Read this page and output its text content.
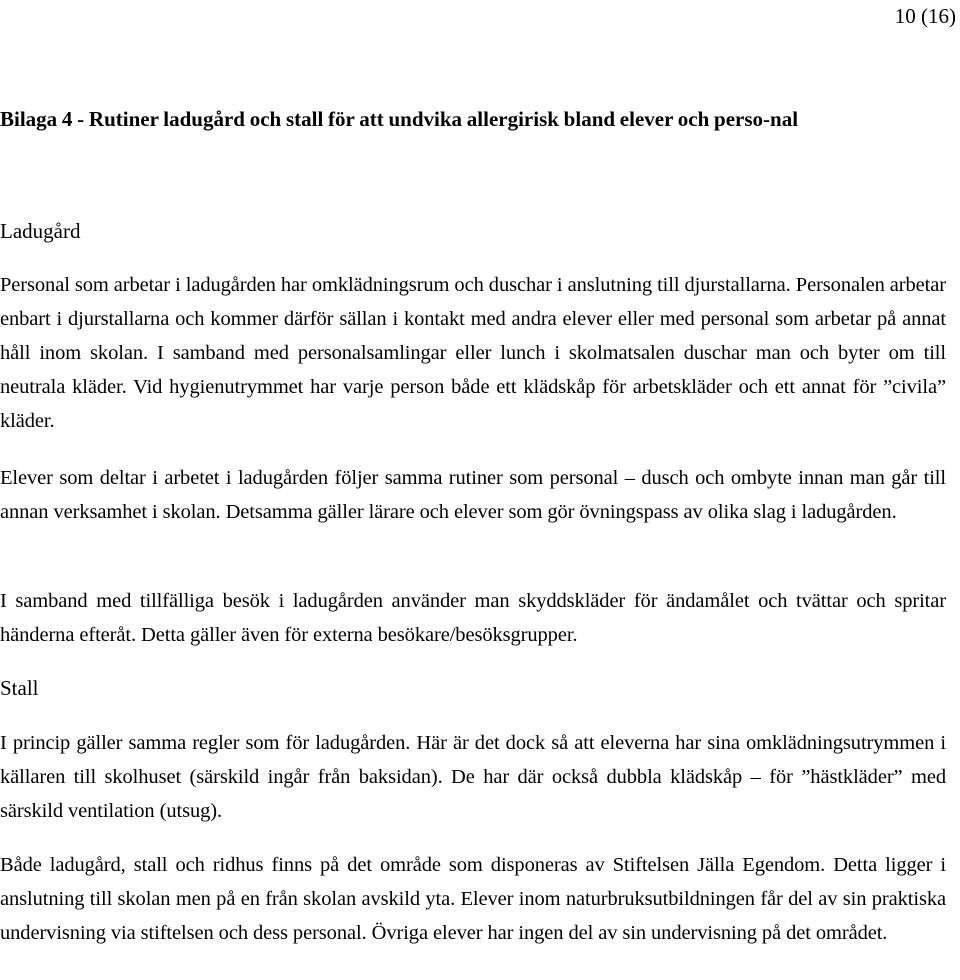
10 (16)
Bilaga 4 - Rutiner ladugård och stall för att undvika allergirisk bland elever och perso-nal
Ladugård

Personal som arbetar i ladugården har omklädningsrum och duschar i anslutning till djurstallarna. Personalen arbetar enbart i djurstallarna och kommer därför sällan i kontakt med andra elever eller med personal som arbetar på annat håll inom skolan. I samband med personalsamlingar eller lunch i skolmatsalen duschar man och byter om till neutrala kläder. Vid hygienutrymmet har varje person både ett klädskåp för arbetskläder och ett annat för ”civila” kläder.

Elever som deltar i arbetet i ladugården följer samma rutiner som personal – dusch och ombyte innan man går till annan verksamhet i skolan. Detsamma gäller lärare och elever som gör övningspass av olika slag i ladugården.

I samband med tillfälliga besök i ladugården använder man skyddskläder för ändamålet och tvättar och spritar händerna efteråt. Detta gäller även för externa besökare/besöksgrupper.

Stall

I princip gäller samma regler som för ladugården. Här är det dock så att eleverna har sina omklädningsutrymmen i källaren till skolhuset (särskild ingår från baksidan). De har där också dubbla klädskåp – för ”hästkläder” med särskild ventilation (utsug).

Både ladugård, stall och ridhus finns på det område som disponeras av Stiftelsen Jälla Egendom. Detta ligger i anslutning till skolan men på en från skolan avskild yta. Elever inom naturbruksutbildningen får del av sin praktiska undervisning via stiftelsen och dess personal. Övriga elever har ingen del av sin undervisning på det området.
